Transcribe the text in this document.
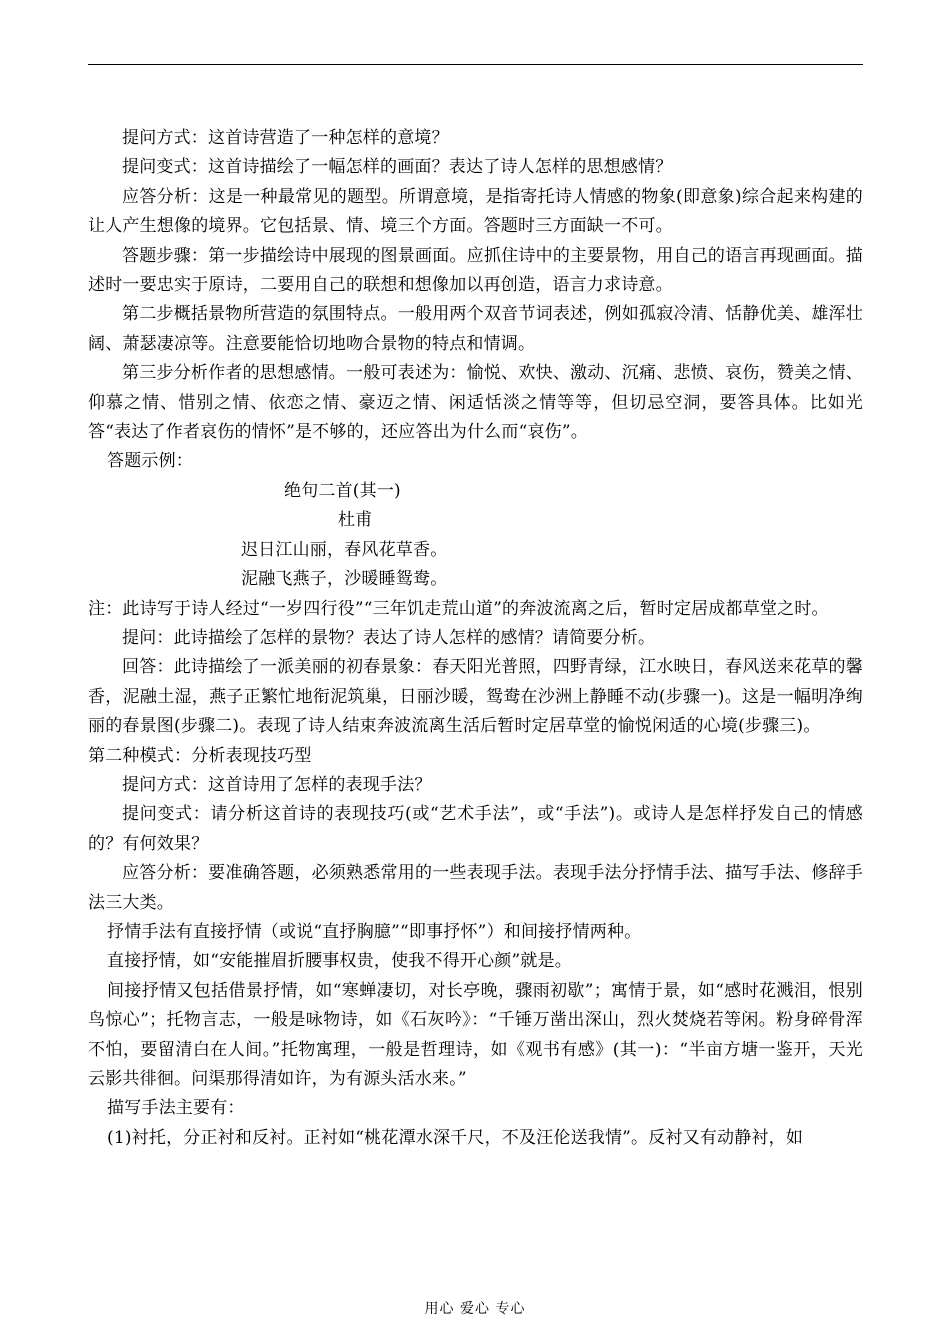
提问方式：这首诗营造了一种怎样的意境？

提问变式：这首诗描绘了一幅怎样的画面？表达了诗人怎样的思想感情？

应答分析：这是一种最常见的题型。所谓意境，是指寄托诗人情感的物象(即意象)综合起来构建的让人产生想像的境界。它包括景、情、境三个方面。答题时三方面缺一不可。

答题步骤：第一步描绘诗中展现的图景画面。应抓住诗中的主要景物，用自己的语言再现画面。描述时一要忠实于原诗，二要用自己的联想和想像加以再创造，语言力求诗意。

第二步概括景物所营造的氛围特点。一般用两个双音节词表述，例如孤寂冷清、恬静优美、雄浑壮阔、萧瑟凄凉等。注意要能恰切地吻合景物的特点和情调。

第三步分析作者的思想感情。一般可表述为：愉悦、欢快、激动、沉痛、悲愤、哀伤，赞美之情、仰慕之情、惜别之情、依恋之情、豪迈之情、闲适恬淡之情等等，但切忌空洞，要答具体。比如光答“表达了作者哀伤的情怀”是不够的，还应答出为什么而“哀伤”。

答题示例：

绝句二首(其一)

杜甫

迟日江山丽，春风花草香。

泥融飞燕子，沙暖睡鸳鸯。

注：此诗写于诗人经过“一岁四行役”“三年饥走荒山道”的奔波流离之后，暂时定居成都草堂之时。

提问：此诗描绘了怎样的景物？表达了诗人怎样的感情？请简要分析。

回答：此诗描绘了一派美丽的初春景象：春天阳光普照，四野青绿，江水映日，春风送来花草的馨香，泥融土湿，燕子正繁忙地衔泥筑巢，日丽沙暖，鸳鸯在沙洲上静睡不动(步骤一)。这是一幅明净绚丽的春景图(步骤二)。表现了诗人结束奔波流离生活后暂时定居草堂的愉悦闲适的心境(步骤三)。

第二种模式：分析表现技巧型

提问方式：这首诗用了怎样的表现手法？

提问变式：请分析这首诗的表现技巧(或“艺术手法”，或“手法”)。或诗人是怎样抒发自己的情感的？有何效果？

应答分析：要准确答题，必须熟悉常用的一些表现手法。表现手法分抒情手法、描写手法、修辞手法三大类。

抒情手法有直接抒情（或说“直抒胸臆”“即事抒怀”）和间接抒情两种。

直接抒情，如“安能摧眉折腰事权贵，使我不得开心颜”就是。

间接抒情又包括借景抒情，如“寒蝉凄切，对长亭晚，骤雨初歇”；寓情于景，如“感时花溅泪，恨别鸟惊心”；托物言志，一般是咏物诗，如《石灰吟》：“千锤万凿出深山，烈火焚烧若等闲。粉身碎骨浑不怕，要留清白在人间。”托物寓理，一般是哲理诗，如《观书有感》(其一)：“半亩方塘一鉴开，天光云影共徘徊。问渠那得清如许，为有源头活水来。”

描写手法主要有：

(1)衬托，分正衬和反衬。正衬如“桃花潭水深千尺，不及汪伦送我情”。反衬又有动静衬，如

用心 爱心 专心
